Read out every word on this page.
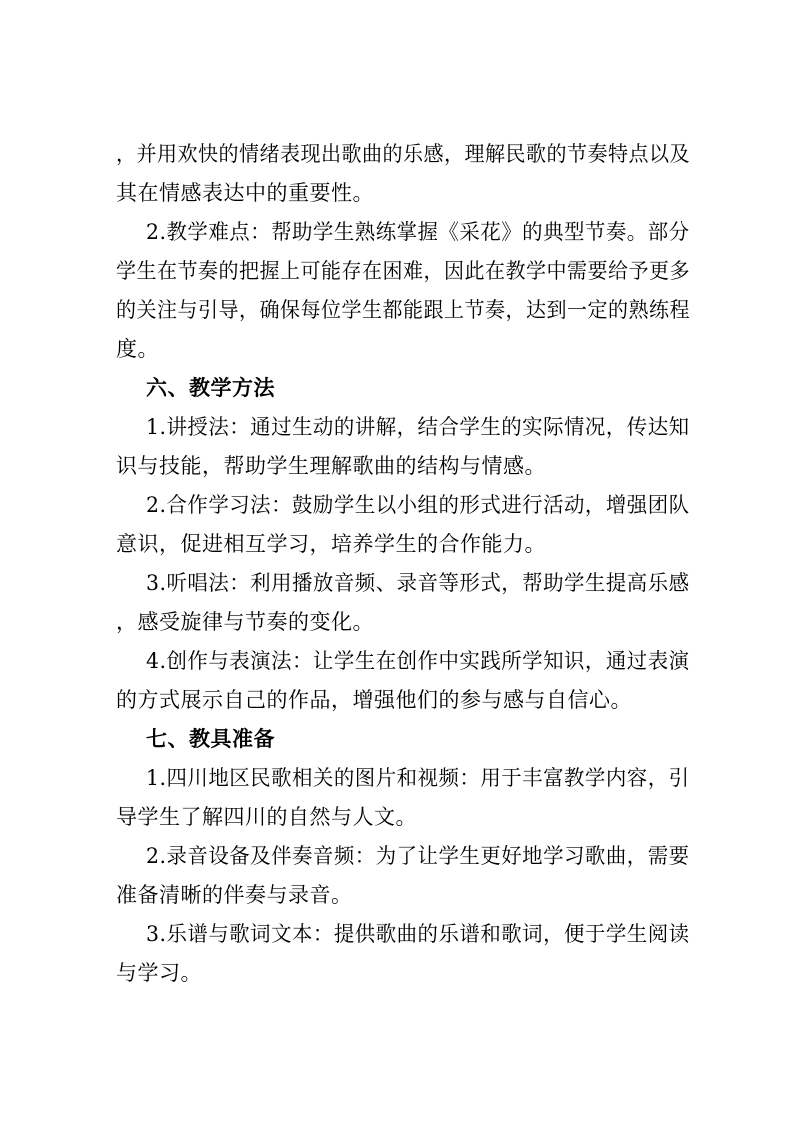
，并用欢快的情绪表现出歌曲的乐感，理解民歌的节奏特点以及
其在情感表达中的重要性。
2.教学难点：帮助学生熟练掌握《采花》的典型节奏。部分
学生在节奏的把握上可能存在困难，因此在教学中需要给予更多
的关注与引导，确保每位学生都能跟上节奏，达到一定的熟练程
度。
六、教学方法
1.讲授法：通过生动的讲解，结合学生的实际情况，传达知
识与技能，帮助学生理解歌曲的结构与情感。
2.合作学习法：鼓励学生以小组的形式进行活动，增强团队
意识，促进相互学习，培养学生的合作能力。
3.听唱法：利用播放音频、录音等形式，帮助学生提高乐感
，感受旋律与节奏的变化。
4.创作与表演法：让学生在创作中实践所学知识，通过表演
的方式展示自己的作品，增强他们的参与感与自信心。
七、教具准备
1.四川地区民歌相关的图片和视频：用于丰富教学内容，引
导学生了解四川的自然与人文。
2.录音设备及伴奏音频：为了让学生更好地学习歌曲，需要
准备清晰的伴奏与录音。
3.乐谱与歌词文本：提供歌曲的乐谱和歌词，便于学生阅读
与学习。
